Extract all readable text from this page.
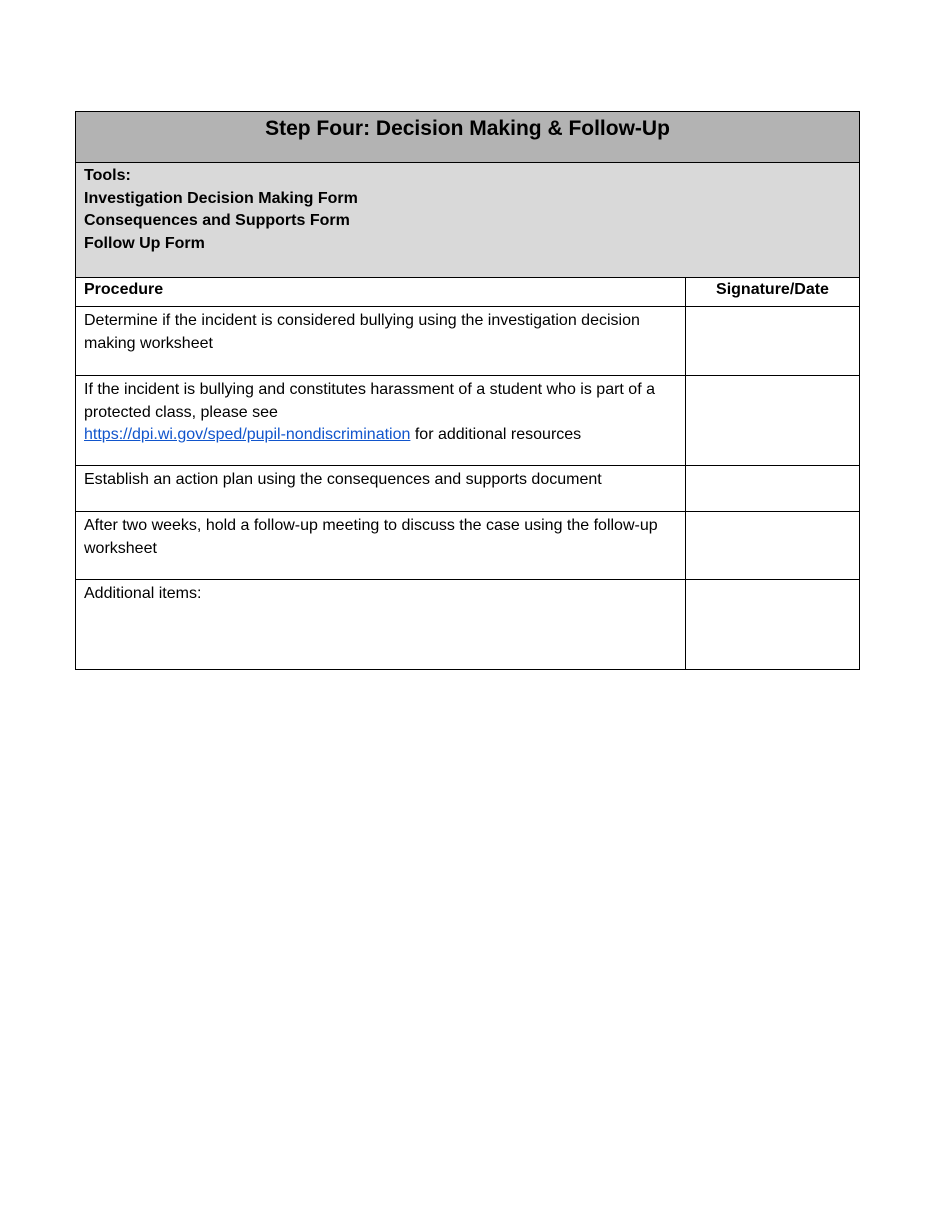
Step Four: Decision Making & Follow-Up	

Tools:
Investigation Decision Making Form
Consequences and Supports Form
Follow Up Form	

Procedure	Signature/Date

Determine if the incident is considered bullying using the investigation decision making worksheet	

If the incident is bullying and constitutes harassment of a student who is part of a protected class, please see
https://dpi.wi.gov/sped/pupil-nondiscrimination for additional resources	

Establish an action plan using the consequences and supports document	

After two weeks, hold a follow-up meeting to discuss the case using the follow-up worksheet	

Additional items:	
